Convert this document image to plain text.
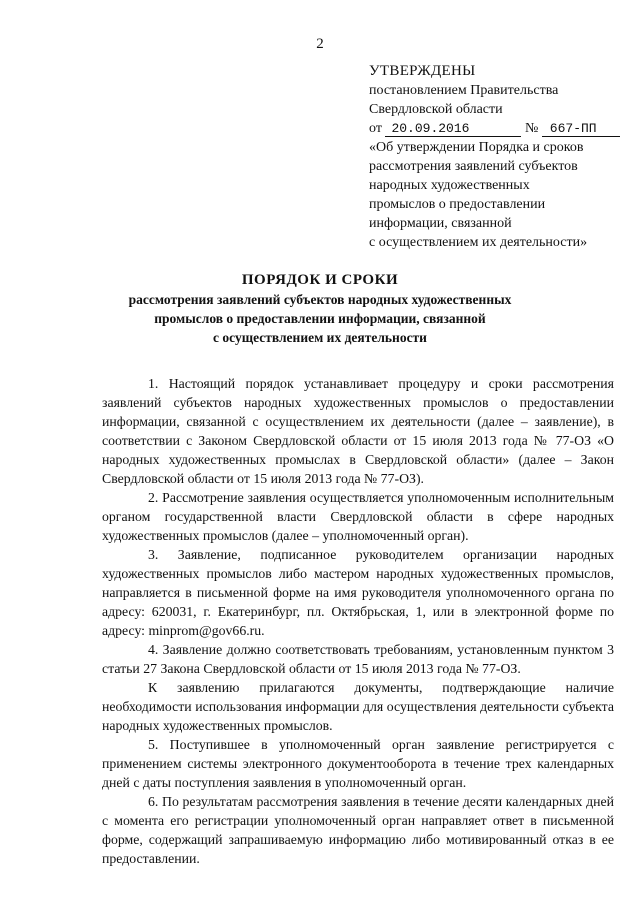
2
УТВЕРЖДЕНЫ
постановлением Правительства
Свердловской области
от 20.09.2016	№ 667-ПП
«Об утверждении Порядка и сроков
рассмотрения заявлений субъектов
народных художественных
промыслов о предоставлении
информации, связанной
с осуществлением их деятельности»
ПОРЯДОК И СРОКИ
рассмотрения заявлений субъектов народных художественных
промыслов о предоставлении информации, связанной
с осуществлением их деятельности

1. Настоящий порядок устанавливает процедуру и сроки рассмотрения заявлений субъектов народных художественных промыслов о предоставлении информации, связанной с осуществлением их деятельности (далее – заявление), в соответствии с Законом Свердловской области от 15 июля 2013 года № 77-ОЗ «О народных художественных промыслах в Свердловской области» (далее – Закон Свердловской области от 15 июля 2013 года № 77-ОЗ).

2. Рассмотрение заявления осуществляется уполномоченным исполнительным органом государственной власти Свердловской области в сфере народных художественных промыслов (далее – уполномоченный орган).

3. Заявление, подписанное руководителем организации народных художественных промыслов либо мастером народных художественных промыслов, направляется в письменной форме на имя руководителя уполномоченного органа по адресу: 620031, г. Екатеринбург, пл. Октябрьская, 1, или в электронной форме по адресу: minprom@gov66.ru.

4. Заявление должно соответствовать требованиям, установленным пунктом 3 статьи 27 Закона Свердловской области от 15 июля 2013 года № 77-ОЗ.

К заявлению прилагаются документы, подтверждающие наличие необходимости использования информации для осуществления деятельности субъекта народных художественных промыслов.

5. Поступившее в уполномоченный орган заявление регистрируется с применением системы электронного документооборота в течение трех календарных дней с даты поступления заявления в уполномоченный орган.

6. По результатам рассмотрения заявления в течение десяти календарных дней с момента его регистрации уполномоченный орган направляет ответ в письменной форме, содержащий запрашиваемую информацию либо мотивированный отказ в ее предоставлении.
